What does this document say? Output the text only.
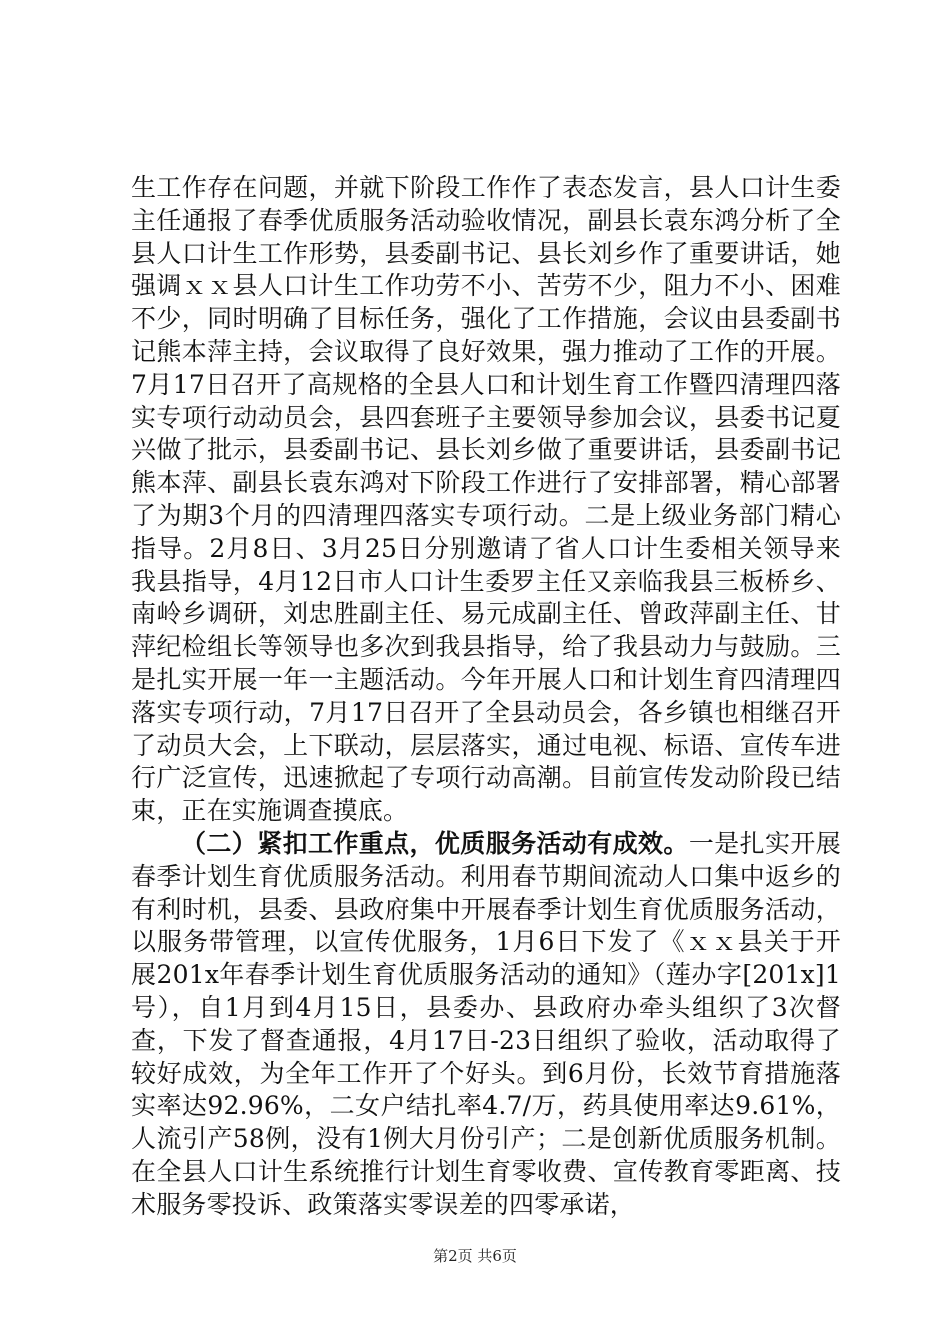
生工作存在问题，并就下阶段工作作了表态发言，县人口计生委主任通报了春季优质服务活动验收情况，副县长袁东鸿分析了全县人口计生工作形势，县委副书记、县长刘乡作了重要讲话，她强调ｘｘ县人口计生工作功劳不小、苦劳不少，阻力不小、困难不少，同时明确了目标任务，强化了工作措施，会议由县委副书记熊本萍主持，会议取得了良好效果，强力推动了工作的开展。7月17日召开了高规格的全县人口和计划生育工作暨四清理四落实专项行动动员会，县四套班子主要领导参加会议，县委书记夏兴做了批示，县委副书记、县长刘乡做了重要讲话，县委副书记熊本萍、副县长袁东鸿对下阶段工作进行了安排部署，精心部署了为期3个月的四清理四落实专项行动。二是上级业务部门精心指导。2月8日、3月25日分别邀请了省人口计生委相关领导来我县指导，4月12日市人口计生委罗主任又亲临我县三板桥乡、南岭乡调研，刘忠胜副主任、易元成副主任、曾政萍副主任、甘萍纪检组长等领导也多次到我县指导，给了我县动力与鼓励。三是扎实开展一年一主题活动。今年开展人口和计划生育四清理四落实专项行动，7月17日召开了全县动员会，各乡镇也相继召开了动员大会，上下联动，层层落实，通过电视、标语、宣传车进行广泛宣传，迅速掀起了专项行动高潮。目前宣传发动阶段已结束，正在实施调查摸底。

（二）紧扣工作重点，优质服务活动有成效。一是扎实开展春季计划生育优质服务活动。利用春节期间流动人口集中返乡的有利时机，县委、县政府集中开展春季计划生育优质服务活动，以服务带管理，以宣传优服务，1月6日下发了《ｘｘ县关于开展201x年春季计划生育优质服务活动的通知》（莲办字[201x]1号），自1月到4月15日，县委办、县政府办牵头组织了3次督查，下发了督查通报，4月17日-23日组织了验收，活动取得了较好成效，为全年工作开了个好头。到6月份，长效节育措施落实率达92.96%，二女户结扎率4.7/万，药具使用率达9.61%，人流引产58例，没有1例大月份引产；二是创新优质服务机制。在全县人口计生系统推行计划生育零收费、宣传教育零距离、技术服务零投诉、政策落实零误差的四零承诺，

第2页 共6页
